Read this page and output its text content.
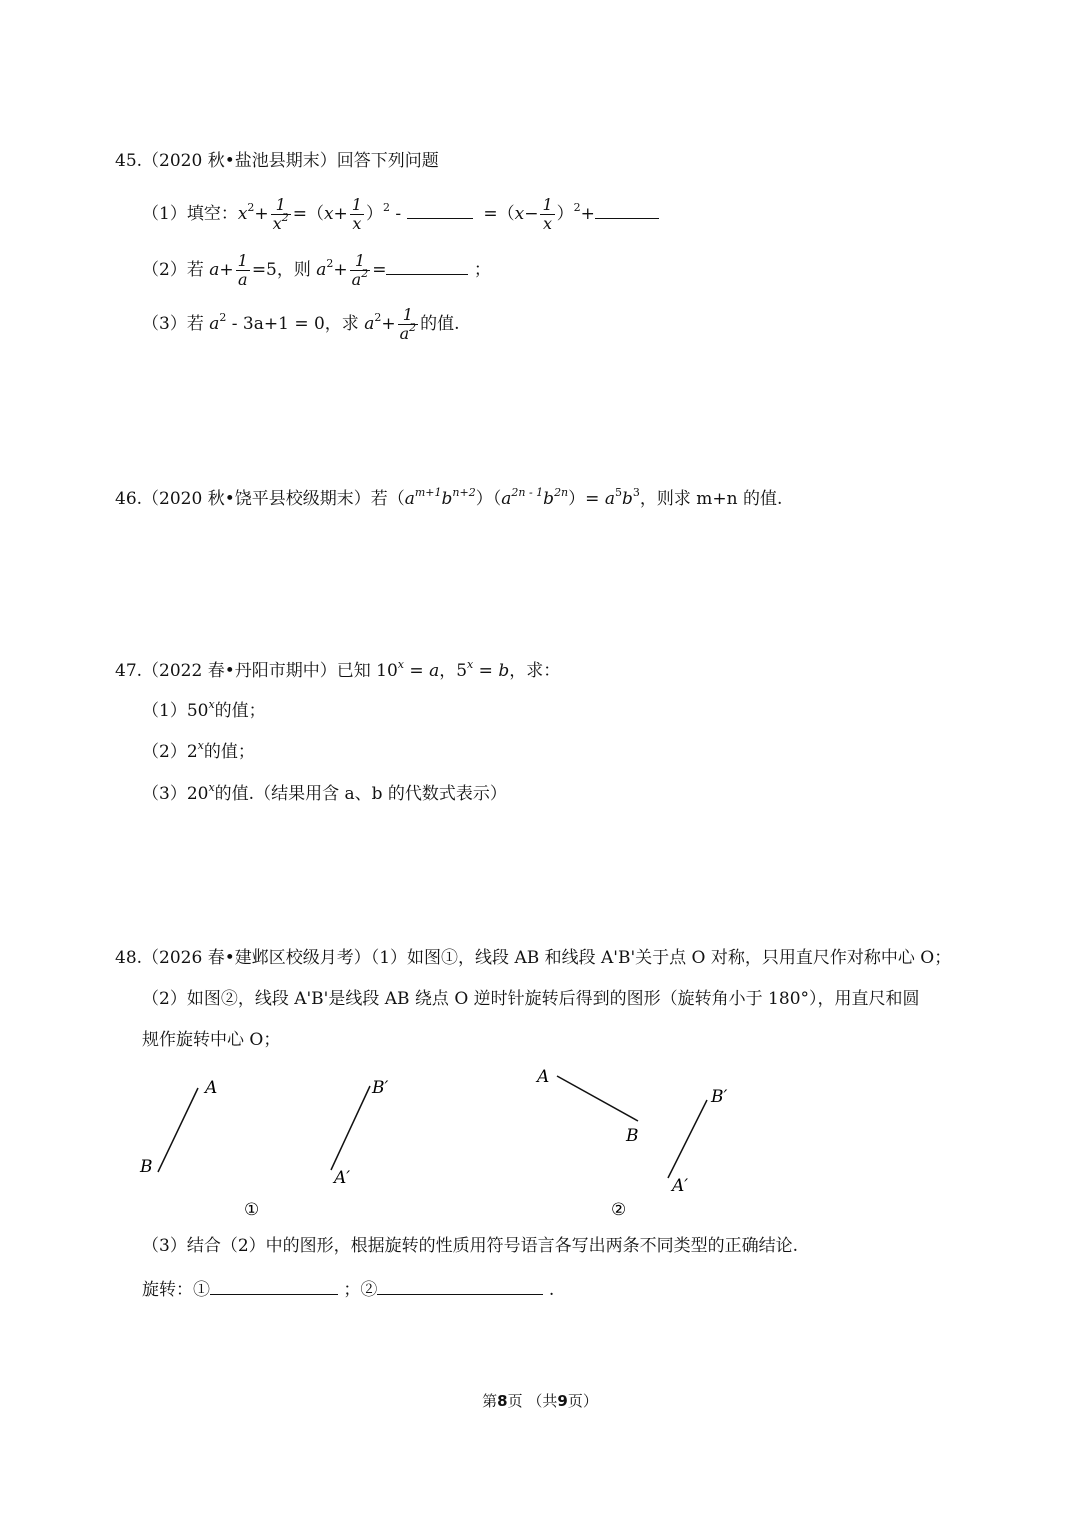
45.（2020 秋•盐池县期末）回答下列问题
（1）填空：$x^2+ \frac{1}{x^2} =(x+ \frac{1}{x} )^2$ -	$=(x- \frac{1}{x} )^2+$
（2）若 $a+ \frac{1}{a} =5$，则 $a^2+ \frac{1}{a^2}$ =	；
（3）若 $a^2 - 3a+1 = 0$，求 $a^2+ \frac{1}{a^2}$ 的值.
46.（2020 秋•饶平县校级期末）若$(a^{m+1}b^{n+2})(a^{2n - 1}b^{2n})= a^5b^3$，则求 m+n 的值.
47.（2022 春•丹阳市期中）已知 $10^x = a$，$5^x = b$，求：
（1）50$^x$的值；
（2）2$^x$的值；
（3）20$^x$的值.（结果用含 a、b 的代数式表示）
48.（2026 春•建邺区校级月考）（1）如图①，线段 AB 和线段 A'B'关于点 O 对称，只用直尺作对称中心 O；
（2）如图②，线段 A'B'是线段 AB 绕点 O 逆时针旋转后得到的图形（旋转角小于 180°），用直尺和圆
规作旋转中心 O；
A
B
B′
A′
①
A
B
B′
A′
②
（3）结合（2）中的图形，根据旋转的性质用符号语言各写出两条不同类型的正确结论.
旋转：①	；②	.
第8页 （共9页）
